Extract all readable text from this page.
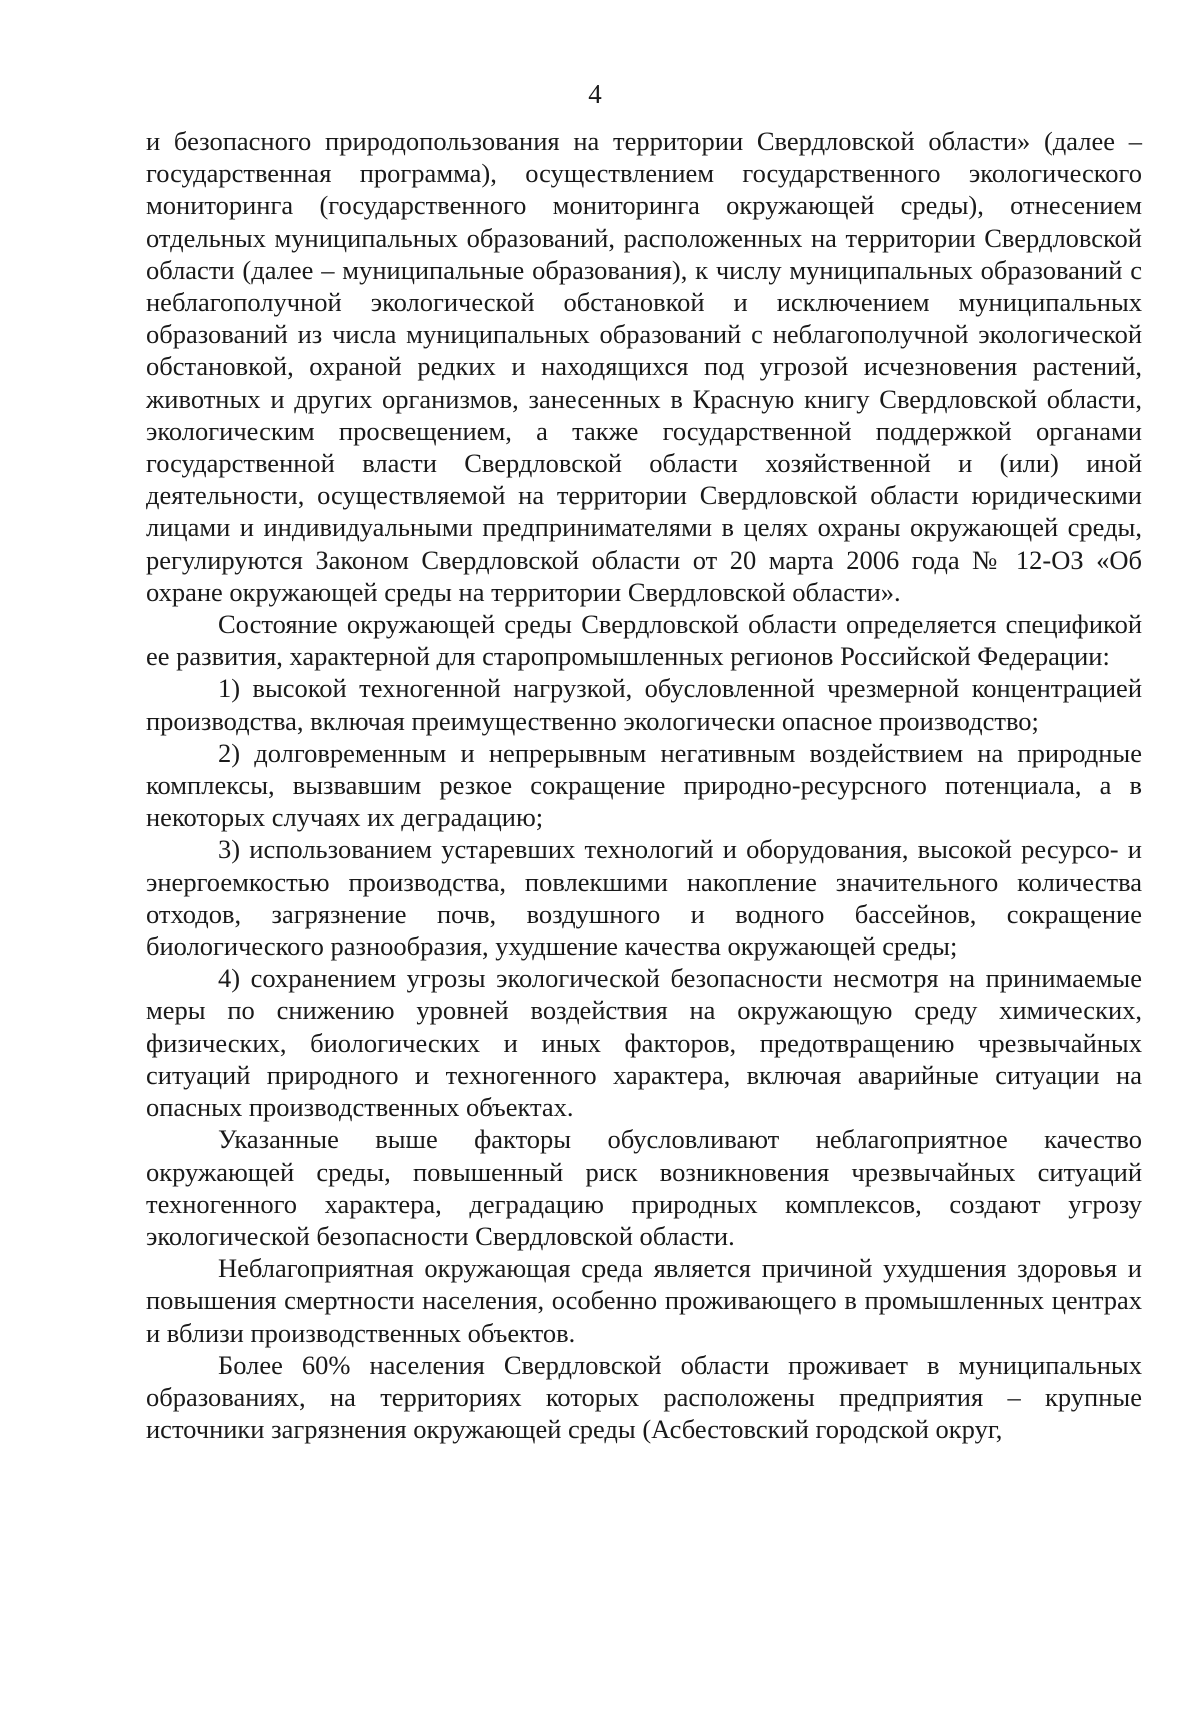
4

и безопасного природопользования на территории Свердловской области» (далее – государственная программа), осуществлением государственного экологического мониторинга (государственного мониторинга окружающей среды), отнесением отдельных муниципальных образований, расположенных на территории Свердловской области (далее – муниципальные образования), к числу муниципальных образований с неблагополучной экологической обстановкой и исключением муниципальных образований из числа муниципальных образований с неблагополучной экологической обстановкой, охраной редких и находящихся под угрозой исчезновения растений, животных и других организмов, занесенных в Красную книгу Свердловской области, экологическим просвещением, а также государственной поддержкой органами государственной власти Свердловской области хозяйственной и (или) иной деятельности, осуществляемой на территории Свердловской области юридическими лицами и индивидуальными предпринимателями в целях охраны окружающей среды, регулируются Законом Свердловской области от 20 марта 2006 года № 12-ОЗ «Об охране окружающей среды на территории Свердловской области».

Состояние окружающей среды Свердловской области определяется спецификой ее развития, характерной для старопромышленных регионов Российской Федерации:

1) высокой техногенной нагрузкой, обусловленной чрезмерной концентрацией производства, включая преимущественно экологически опасное производство;

2) долговременным и непрерывным негативным воздействием на природные комплексы, вызвавшим резкое сокращение природно-ресурсного потенциала, а в некоторых случаях их деградацию;

3) использованием устаревших технологий и оборудования, высокой ресурсо- и энергоемкостью производства, повлекшими накопление значительного количества отходов, загрязнение почв, воздушного и водного бассейнов, сокращение биологического разнообразия, ухудшение качества окружающей среды;

4) сохранением угрозы экологической безопасности несмотря на принимаемые меры по снижению уровней воздействия на окружающую среду химических, физических, биологических и иных факторов, предотвращению чрезвычайных ситуаций природного и техногенного характера, включая аварийные ситуации на опасных производственных объектах.

Указанные выше факторы обусловливают неблагоприятное качество окружающей среды, повышенный риск возникновения чрезвычайных ситуаций техногенного характера, деградацию природных комплексов, создают угрозу экологической безопасности Свердловской области.

Неблагоприятная окружающая среда является причиной ухудшения здоровья и повышения смертности населения, особенно проживающего в промышленных центрах и вблизи производственных объектов.

Более 60% населения Свердловской области проживает в муниципальных образованиях, на территориях которых расположены предприятия – крупные источники загрязнения окружающей среды (Асбестовский городской округ,
